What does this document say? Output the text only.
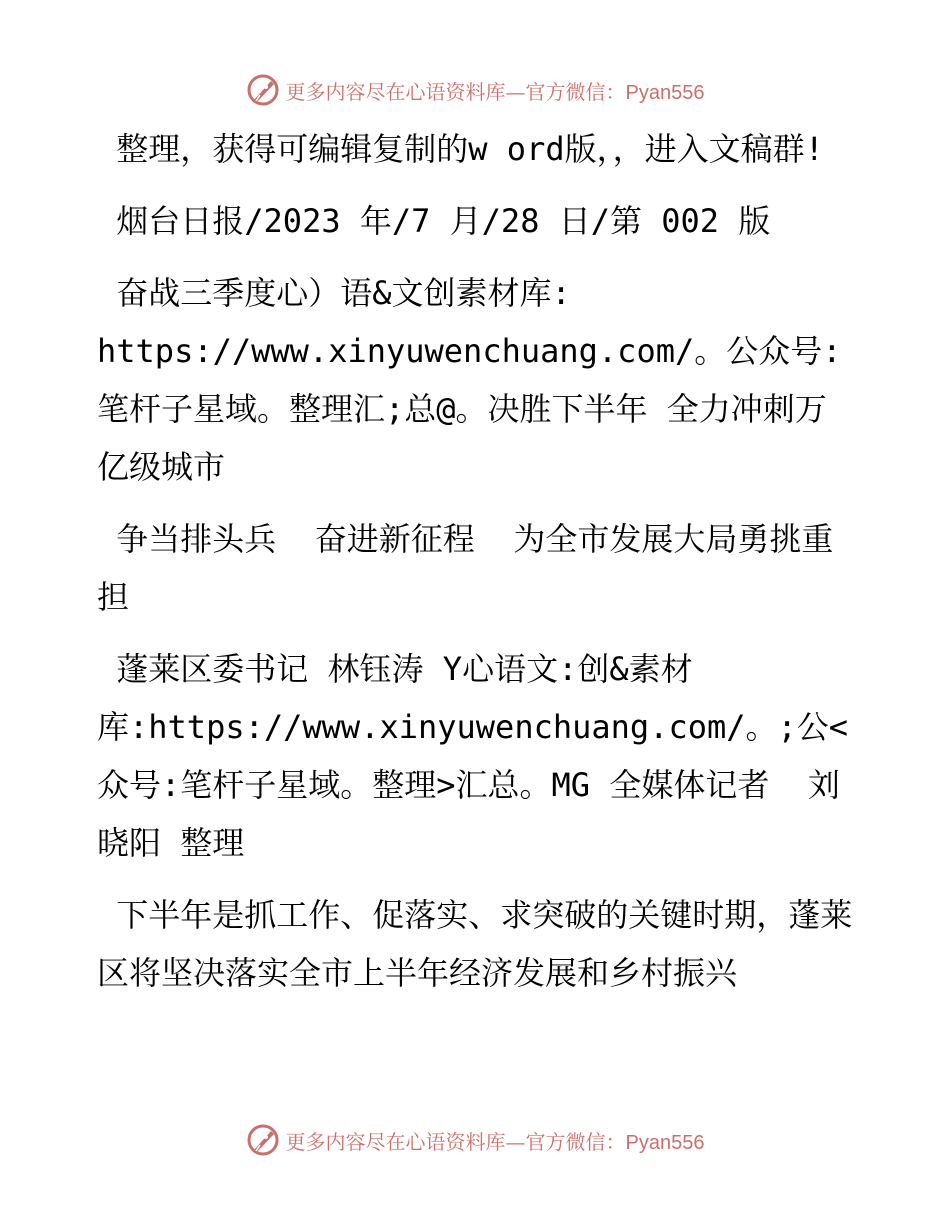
更多内容尽在心语资料库—官方微信：Pyan556

整理，获得可编辑复制的w ord版，，进入文稿群!

烟台日报/2023 年/7 月/28 日/第 002 版

奋战三季度心）语&文创素材库: https://www.xinyuwenchuang.com/。公众号: 笔杆子星域。整理汇;总@。决胜下半年 全力冲刺万亿级城市

争当排头兵  奋进新征程  为全市发展大局勇挑重担

蓬莱区委书记 林钰涛 Y心语文:创&素材库:https://www.xinyuwenchuang.com/。;公<众号:笔杆子星域。整理>汇总。MG 全媒体记者  刘晓阳 整理

下半年是抓工作、促落实、求突破的关键时期，蓬莱区将坚决落实全市上半年经济发展和乡村振兴

更多内容尽在心语资料库—官方微信：Pyan556
